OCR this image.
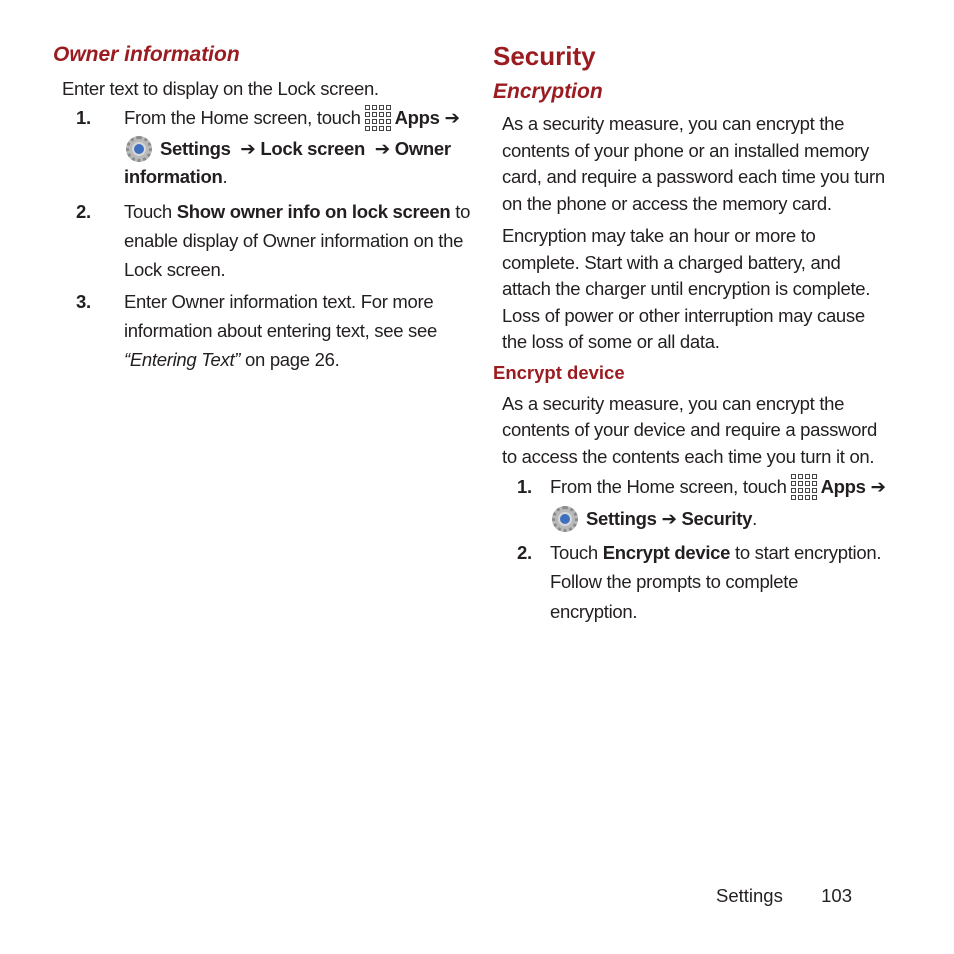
Owner information

Enter text to display on the Lock screen.

1.	From the Home screen, touch Apps ➔
Settings ➔ Lock screen ➔ Owner
information.
2.	Touch Show owner info on lock screen to
enable display of Owner information on the
Lock screen.
3.	Enter Owner information text. For more
information about entering text, see see
“Entering Text” on page 26.
Security
Encryption

As a security measure, you can encrypt the
contents of your phone or an installed memory
card, and require a password each time you turn
on the phone or access the memory card.

Encryption may take an hour or more to
complete. Start with a charged battery, and
attach the charger until encryption is complete.
Loss of power or other interruption may cause
the loss of some or all data.

Encrypt device

As a security measure, you can encrypt the
contents of your device and require a password
to access the contents each time you turn it on.

1. From the Home screen, touch Apps ➔
Settings ➔ Security.
2. Touch Encrypt device to start encryption.
Follow the prompts to complete
encryption.
Settings 103
